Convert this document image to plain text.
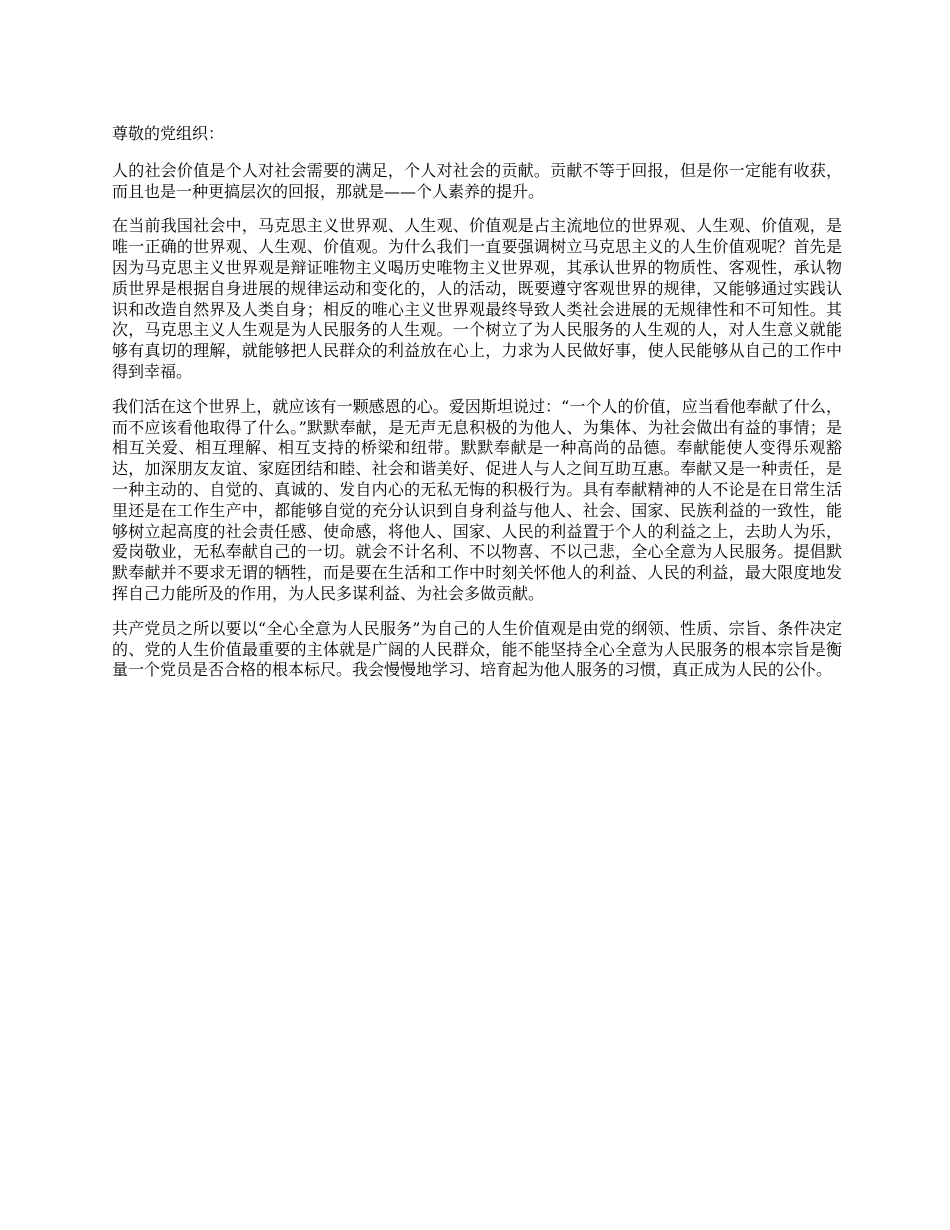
尊敬的党组织：

人的社会价值是个人对社会需要的满足，个人对社会的贡献。贡献不等于回报，但是你一定能有收获，而且也是一种更搞层次的回报，那就是——个人素养的提升。

在当前我国社会中，马克思主义世界观、人生观、价值观是占主流地位的世界观、人生观、价值观，是唯一正确的世界观、人生观、价值观。为什么我们一直要强调树立马克思主义的人生价值观呢？首先是因为马克思主义世界观是辩证唯物主义喝历史唯物主义世界观，其承认世界的物质性、客观性，承认物质世界是根据自身进展的规律运动和变化的，人的活动，既要遵守客观世界的规律，又能够通过实践认识和改造自然界及人类自身；相反的唯心主义世界观最终导致人类社会进展的无规律性和不可知性。其次，马克思主义人生观是为人民服务的人生观。一个树立了为人民服务的人生观的人，对人生意义就能够有真切的理解，就能够把人民群众的利益放在心上，力求为人民做好事，使人民能够从自己的工作中得到幸福。

我们活在这个世界上，就应该有一颗感恩的心。爱因斯坦说过：“一个人的价值，应当看他奉献了什么，而不应该看他取得了什么。”默默奉献，是无声无息积极的为他人、为集体、为社会做出有益的事情；是相互关爱、相互理解、相互支持的桥梁和纽带。默默奉献是一种高尚的品德。奉献能使人变得乐观豁达，加深朋友友谊、家庭团结和睦、社会和谐美好、促进人与人之间互助互惠。奉献又是一种责任，是一种主动的、自觉的、真诚的、发自内心的无私无悔的积极行为。具有奉献精神的人不论是在日常生活里还是在工作生产中，都能够自觉的充分认识到自身利益与他人、社会、国家、民族利益的一致性，能够树立起高度的社会责任感、使命感，将他人、国家、人民的利益置于个人的利益之上，去助人为乐，爱岗敬业，无私奉献自己的一切。就会不计名利、不以物喜、不以己悲，全心全意为人民服务。提倡默默奉献并不要求无谓的牺牲，而是要在生活和工作中时刻关怀他人的利益、人民的利益，最大限度地发挥自己力能所及的作用，为人民多谋利益、为社会多做贡献。

共产党员之所以要以“全心全意为人民服务”为自己的人生价值观是由党的纲领、性质、宗旨、条件决定的、党的人生价值最重要的主体就是广阔的人民群众，能不能坚持全心全意为人民服务的根本宗旨是衡量一个党员是否合格的根本标尺。我会慢慢地学习、培育起为他人服务的习惯，真正成为人民的公仆。
